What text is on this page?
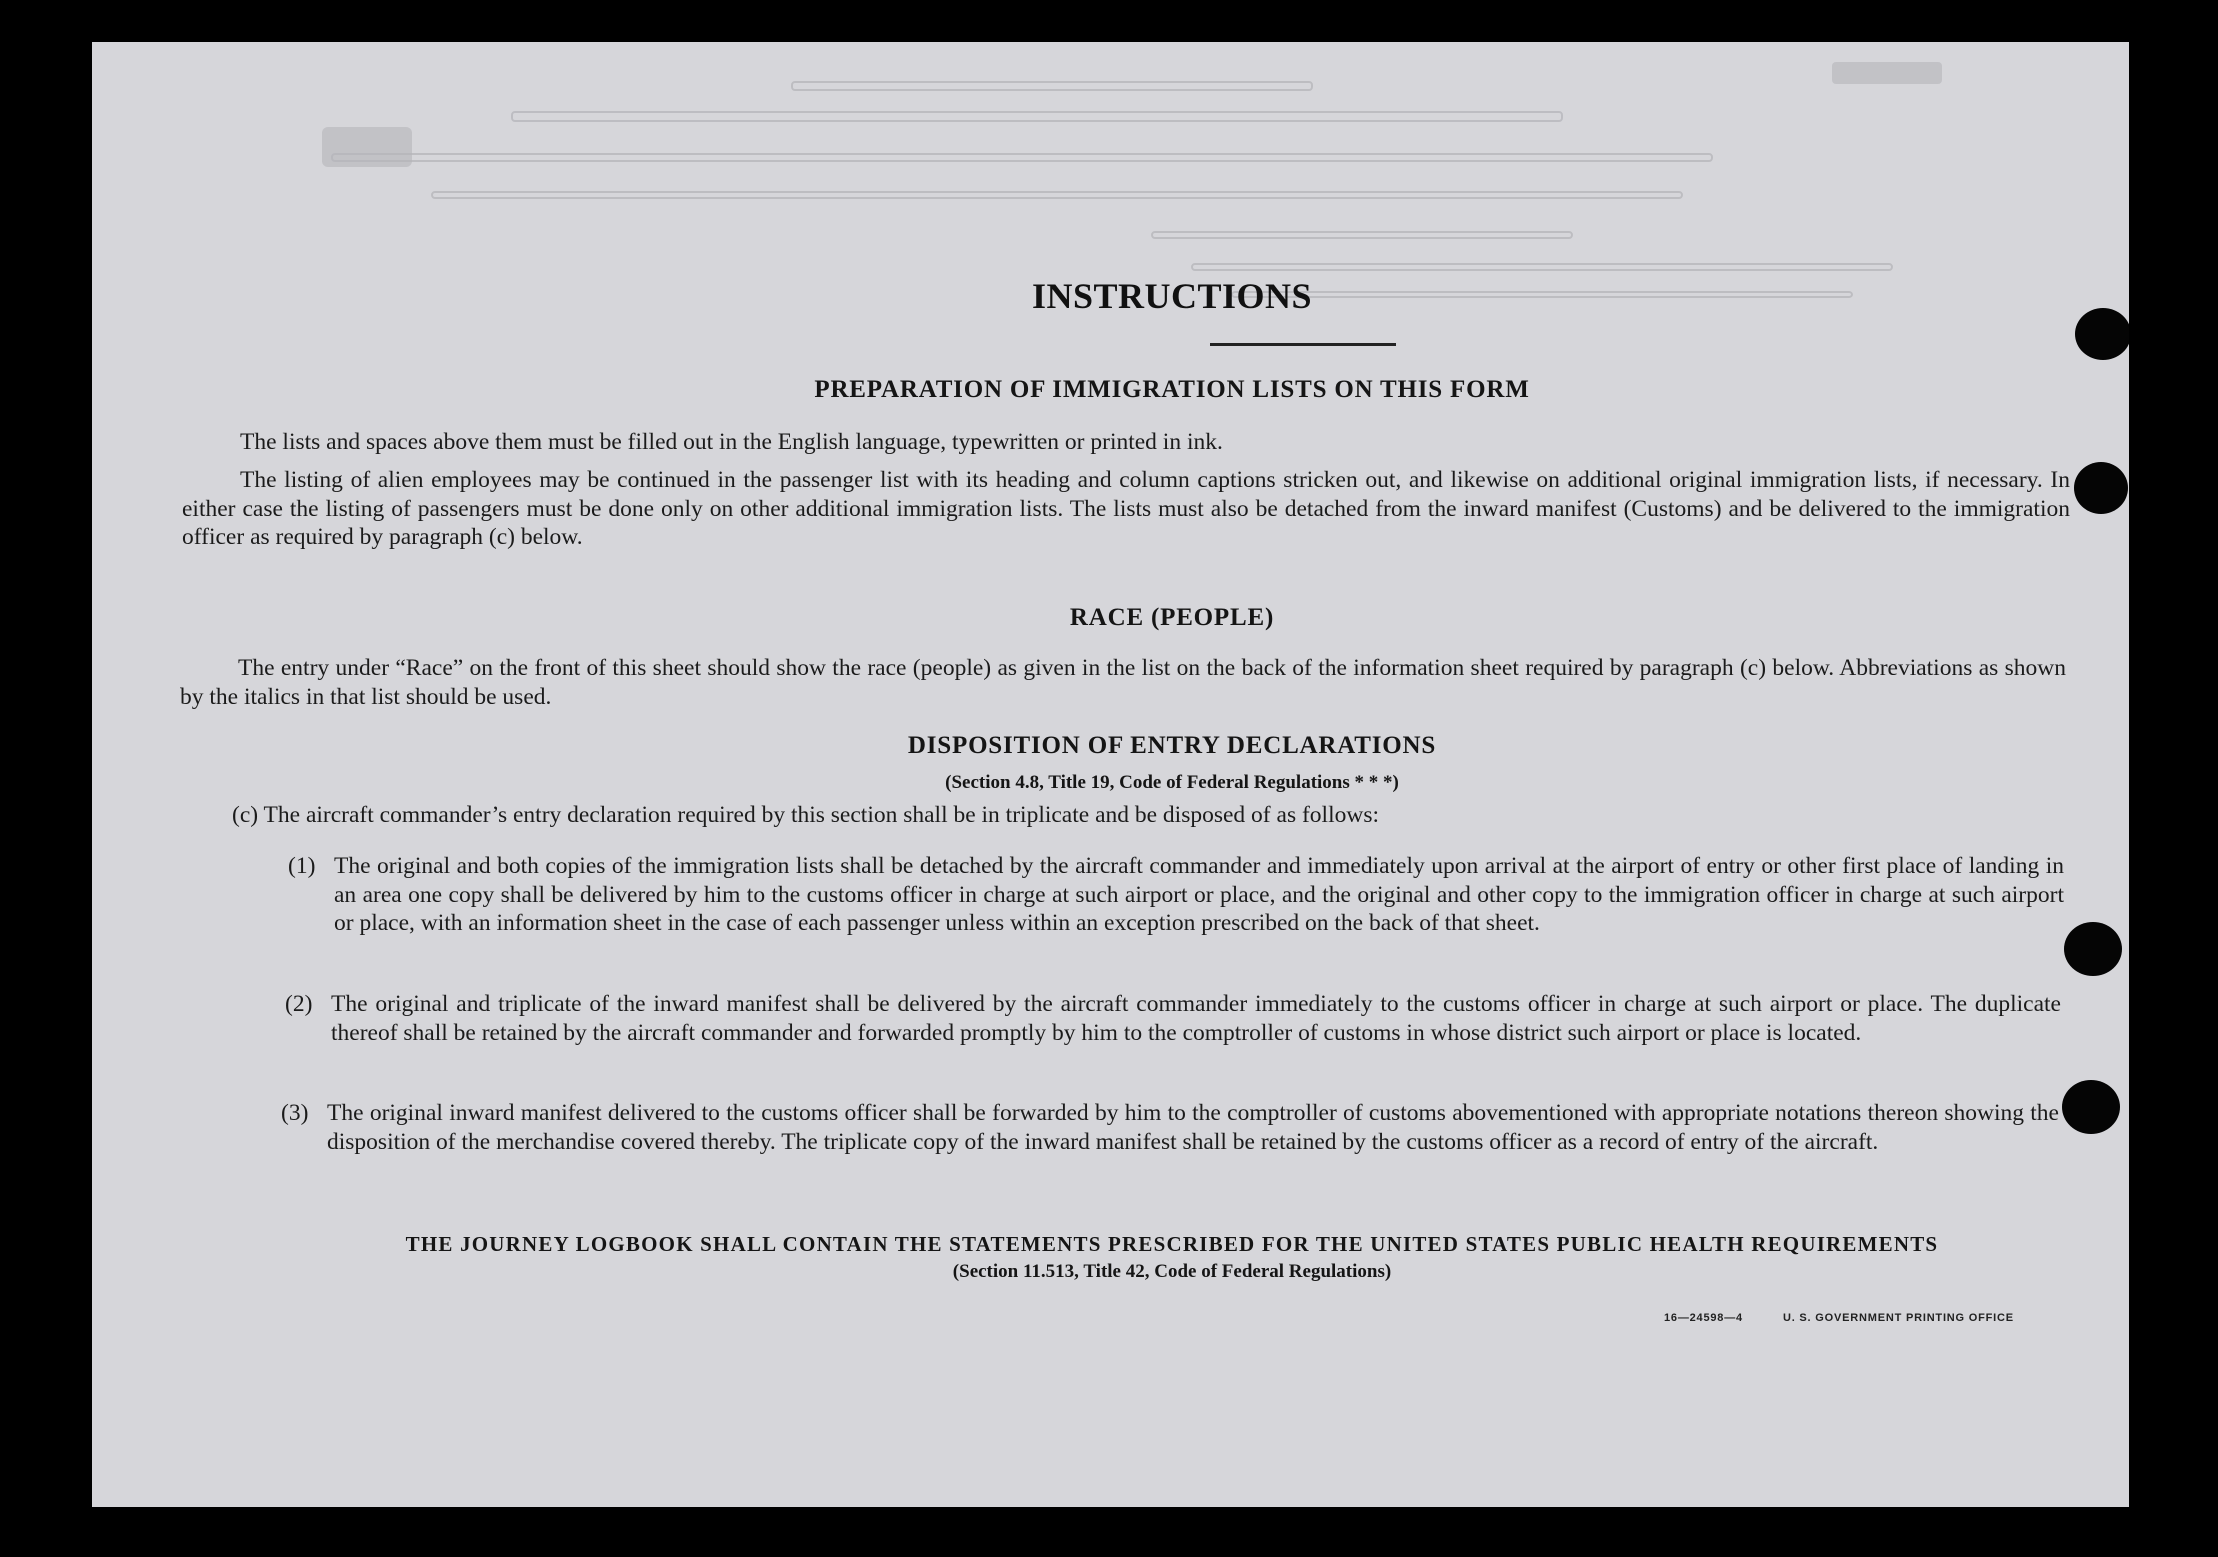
INSTRUCTIONS
PREPARATION OF IMMIGRATION LISTS ON THIS FORM
The lists and spaces above them must be filled out in the English language, typewritten or printed in ink.
The listing of alien employees may be continued in the passenger list with its heading and column captions stricken out, and likewise on additional original immigration lists, if necessary. In either case the listing of passengers must be done only on other additional immigration lists. The lists must also be detached from the inward manifest (Customs) and be delivered to the immigration officer as required by paragraph (c) below.
RACE (PEOPLE)
The entry under “Race” on the front of this sheet should show the race (people) as given in the list on the back of the information sheet required by paragraph (c) below. Abbreviations as shown by the italics in that list should be used.
DISPOSITION OF ENTRY DECLARATIONS
(Section 4.8, Title 19, Code of Federal Regulations * * *)
(c) The aircraft commander’s entry declaration required by this section shall be in triplicate and be disposed of as follows:
(1) The original and both copies of the immigration lists shall be detached by the aircraft commander and immediately upon arrival at the airport of entry or other first place of landing in an area one copy shall be delivered by him to the customs officer in charge at such airport or place, and the original and other copy to the immigration officer in charge at such airport or place, with an information sheet in the case of each passenger unless within an exception prescribed on the back of that sheet.
(2) The original and triplicate of the inward manifest shall be delivered by the aircraft commander immediately to the customs officer in charge at such airport or place. The duplicate thereof shall be retained by the aircraft commander and forwarded promptly by him to the comptroller of customs in whose district such airport or place is located.
(3) The original inward manifest delivered to the customs officer shall be forwarded by him to the comptroller of customs abovementioned with appropriate notations thereon showing the disposition of the merchandise covered thereby. The triplicate copy of the inward manifest shall be retained by the customs officer as a record of entry of the aircraft.
THE JOURNEY LOGBOOK SHALL CONTAIN THE STATEMENTS PRESCRIBED FOR THE UNITED STATES PUBLIC HEALTH REQUIREMENTS
(Section 11.513, Title 42, Code of Federal Regulations)
16—24598—4	U. S. GOVERNMENT PRINTING OFFICE
